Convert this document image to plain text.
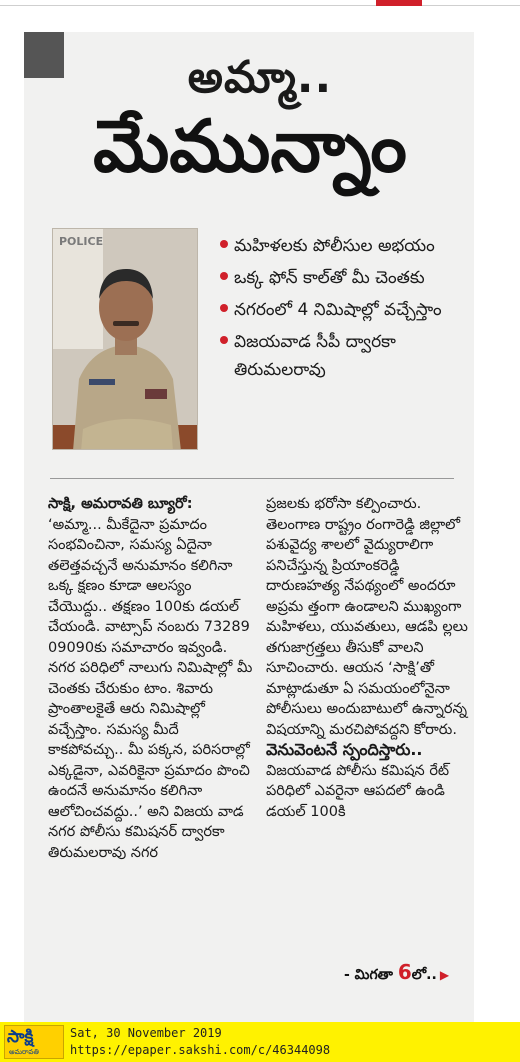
అమ్మా..
మేమున్నాం
POLICE	మహిళలకు పోలీసుల అభయం
ఒక్క ఫోన్ కాల్‌తో మీ చెంతకు
నగరంలో 4 నిమిషాల్లో వచ్చేస్తాం
విజయవాడ సీపీ ద్వారకా తిరుమలరావు

సాక్షి, అమరావతి బ్యూరో:

‘అమ్మా... మీకేదైనా ప్రమాదం సంభవించినా, సమస్య ఏదైనా తలెత్తవచ్చనే అనుమానం కలిగినా ఒక్క క్షణం కూడా ఆలస్యం చేయొద్దు.. తక్షణం 100కు డయల్ చేయండి. వాట్సాప్ నంబరు 73289 09090కు సమాచారం ఇవ్వండి. నగర పరిధిలో నాలుగు నిమిషాల్లో మీ చెంతకు చేరుకుం టాం. శివారు ప్రాంతాలకైతే ఆరు నిమిషాల్లో వచ్చేస్తాం. సమస్య మీదే కాకపోవచ్చు.. మీ పక్కన, పరిసరాల్లో ఎక్కడైనా, ఎవరికైనా ప్రమాదం పొంచి ఉందనే అనుమానం కలిగినా ఆలోచించవద్దు..’ అని విజయ వాడ నగర పోలీసు కమిషనర్ ద్వారకా తిరుమలరావు నగర

ప్రజలకు భరోసా కల్పించారు. తెలంగాణ రాష్ట్రం రంగారెడ్డి జిల్లాలో పశువైద్య శాలలో వైద్యురాలిగా పనిచేస్తున్న ప్రియాంకరెడ్డి దారుణహత్య నేపథ్యంలో అందరూ అప్రమ త్తంగా ఉండాలని ముఖ్యంగా మహిళలు, యువతులు, ఆడపి ల్లలు తగుజాగ్రత్తలు తీసుకో వాలని సూచించారు. ఆయన ‘సాక్షి’తో మాట్లాడుతూ ఏ సమయంలోనైనా పోలీసులు అందుబాటులో ఉన్నారన్న విషయాన్ని మరచిపోవద్దని కోరారు.

వెనువెంటనే స్పందిస్తారు..

విజయవాడ పోలీసు కమిషన రేట్ పరిధిలో ఎవరైనా ఆపదలో ఉండి డయల్ 100కి

- మిగతా 6లో.. ▶
సాక్షి
అమరావతి
Sat, 30 November 2019
https://epaper.sakshi.com/c/46344098
